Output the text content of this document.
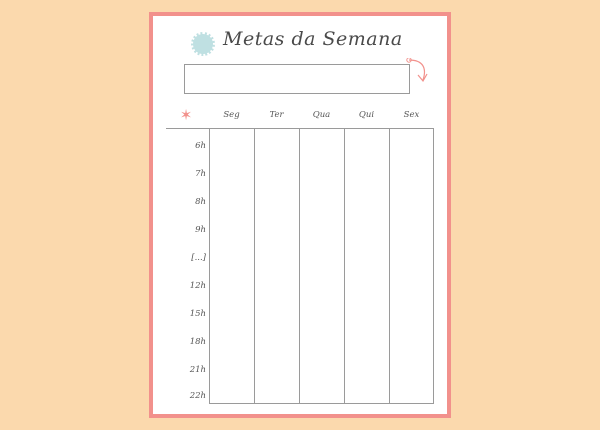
Metas da Semana
✶	Seg	Ter	Qua	Qui	Sex
6h
7h
8h
9h
[...]
12h
15h
18h
21h
22h
